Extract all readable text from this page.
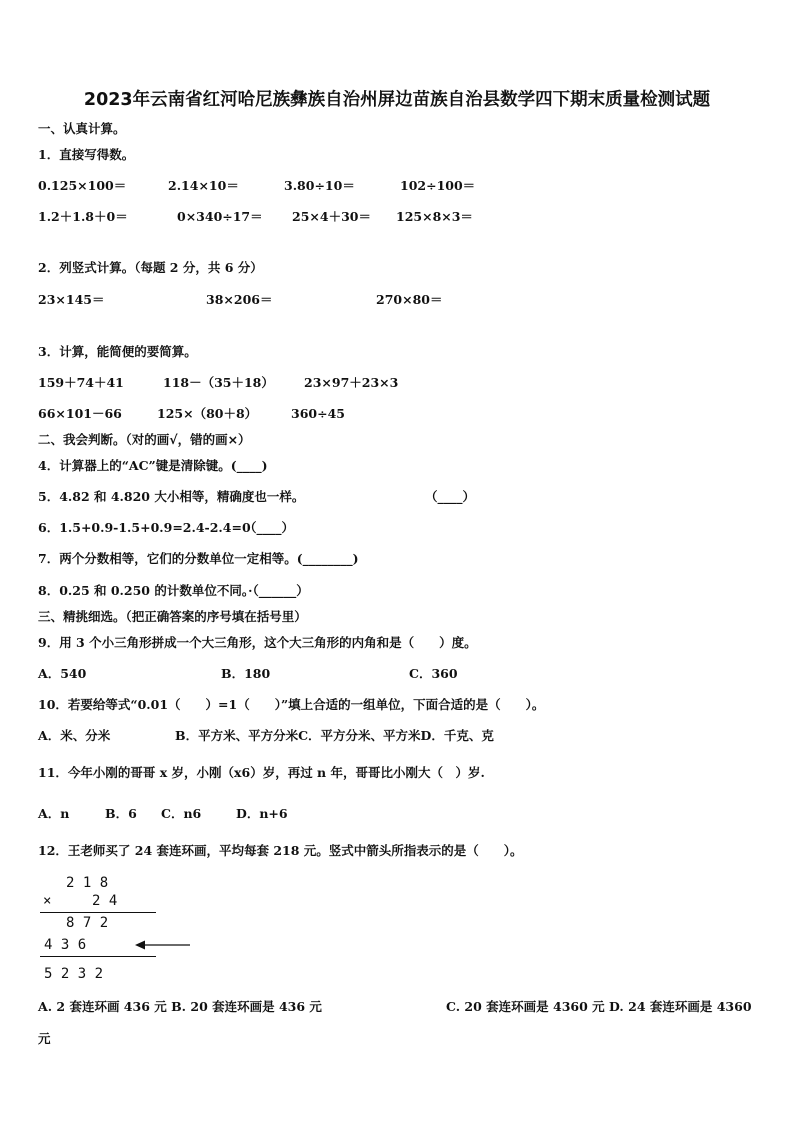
2023年云南省红河哈尼族彝族自治州屏边苗族自治县数学四下期末质量检测试题
一、认真计算。
1．直接写得数。
0.125×100＝	2.14×10＝	3.80÷10＝	102÷100＝
1.2＋1.8＋0＝	0×340÷17＝ 25×4＋30＝ 125×8×3＝
2．列竖式计算。（每题 2 分，共 6 分）
23×145＝	38×206＝	270×80＝
3．计算，能简便的要简算。
159＋74＋41	118－（35＋18） 23×97＋23×3
66×101－66	125×（80＋8）	360÷45
二、我会判断。（对的画√，错的画×）
4．计算器上的“AC”键是清除键。(____)
5．4.82 和 4.820 大小相等，精确度也一样。	（____）
6．1.5+0.9-1.5+0.9=2.4-2.4=0
（____）
7．两个分数相等，它们的分数单位一定相等。(________)
8．0.25 和 0.250 的计数单位不同。·（______）
三、精挑细选。（把正确答案的序号填在括号里）
9．用 3 个小三角形拼成一个大三角形，这个大三角形的内角和是（　　）度。
A．540	B．180	C．360
10．若要给等式“0.01（　　）=1（　　）”填上合适的一组单位，下面合适的是（　　）。
A．米、分米	B．平方米、平方分米C．平方分米、平方米D．千克、克
11．今年小刚的哥哥 x 岁，小刚（x6）岁，再过 n 年，哥哥比小刚大（　）岁.
A．n	B．6 C．n6	D．n+6
12．王老师买了 24 套连环画，平均每套 218 元。竖式中箭头所指表示的是（　　）。
2 1 8
×	2 4
8 7 2
4 3 6
5 2 3 2
A. 2 套连环画 436 元 B. 20 套连环画是 436 元	C. 20 套连环画是 4360 元 D. 24 套连环画是 4360
元
